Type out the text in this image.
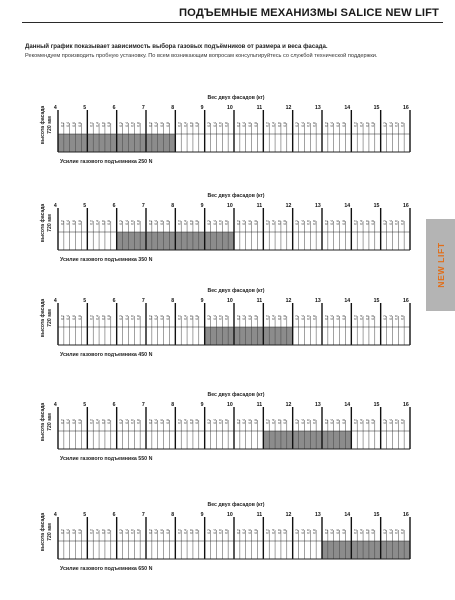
ПОДЪЕМНЫЕ МЕХАНИЗМЫ SALICE NEW LIFT
Данный график показывает зависимость выбора газовых подъёмников от размера и веса фасада.
Рекомендуем производить пробную установку. По всем возникающим вопросам консультируйтесь со службой технической поддержки.
NEW LIFT
Вес двух фасадов (кг)
высота фасада 720 мм
4
0,2 0,4 0,6 0,8
5
0,2 0,4 0,6 0,8
6
0,2 0,4 0,6 0,8
7
0,2 0,4 0,6 0,8
8
0,2 0,4 0,6 0,8
9
0,2 0,4 0,6 0,8
10
0,2 0,4 0,6 0,8
11
0,2 0,4 0,6 0,8
12
0,2 0,4 0,6 0,8
13
0,2 0,4 0,6 0,8
14
0,2 0,4 0,6 0,8
15
0,2 0,4 0,6 0,8
16
Усилие газового подъемника 250 N
Вес двух фасадов (кг)
высота фасада 720 мм
4
0,2 0,4 0,6 0,8
5
0,2 0,4 0,6 0,8
6
0,2 0,4 0,6 0,8
7
0,2 0,4 0,6 0,8
8
0,2 0,4 0,6 0,8
9
0,2 0,4 0,6 0,8
10
0,2 0,4 0,6 0,8
11
0,2 0,4 0,6 0,8
12
0,2 0,4 0,6 0,8
13
0,2 0,4 0,6 0,8
14
0,2 0,4 0,6 0,8
15
0,2 0,4 0,6 0,8
16
Усилие газового подъемника 350 N
Вес двух фасадов (кг)
высота фасада 720 мм
4
0,2 0,4 0,6 0,8
5
0,2 0,4 0,6 0,8
6
0,2 0,4 0,6 0,8
7
0,2 0,4 0,6 0,8
8
0,2 0,4 0,6 0,8
9
0,2 0,4 0,6 0,8
10
0,2 0,4 0,6 0,8
11
0,2 0,4 0,6 0,8
12
0,2 0,4 0,6 0,8
13
0,2 0,4 0,6 0,8
14
0,2 0,4 0,6 0,8
15
0,2 0,4 0,6 0,8
16
Усилие газового подъемника 450 N
Вес двух фасадов (кг)
высота фасада 720 мм
4
0,2 0,4 0,6 0,8
5
0,2 0,4 0,6 0,8
6
0,2 0,4 0,6 0,8
7
0,2 0,4 0,6 0,8
8
0,2 0,4 0,6 0,8
9
0,2 0,4 0,6 0,8
10
0,2 0,4 0,6 0,8
11
0,2 0,4 0,6 0,8
12
0,2 0,4 0,6 0,8
13
0,2 0,4 0,6 0,8
14
0,2 0,4 0,6 0,8
15
0,2 0,4 0,6 0,8
16
Усилие газового подъемника 550 N
Вес двух фасадов (кг)
высота фасада 720 мм
4
0,2 0,4 0,6 0,8
5
0,2 0,4 0,6 0,8
6
0,2 0,4 0,6 0,8
7
0,2 0,4 0,6 0,8
8
0,2 0,4 0,6 0,8
9
0,2 0,4 0,6 0,8
10
0,2 0,4 0,6 0,8
11
0,2 0,4 0,6 0,8
12
0,2 0,4 0,6 0,8
13
0,2 0,4 0,6 0,8
14
0,2 0,4 0,6 0,8
15
0,2 0,4 0,6 0,8
16
Усилие газового подъемника 650 N
